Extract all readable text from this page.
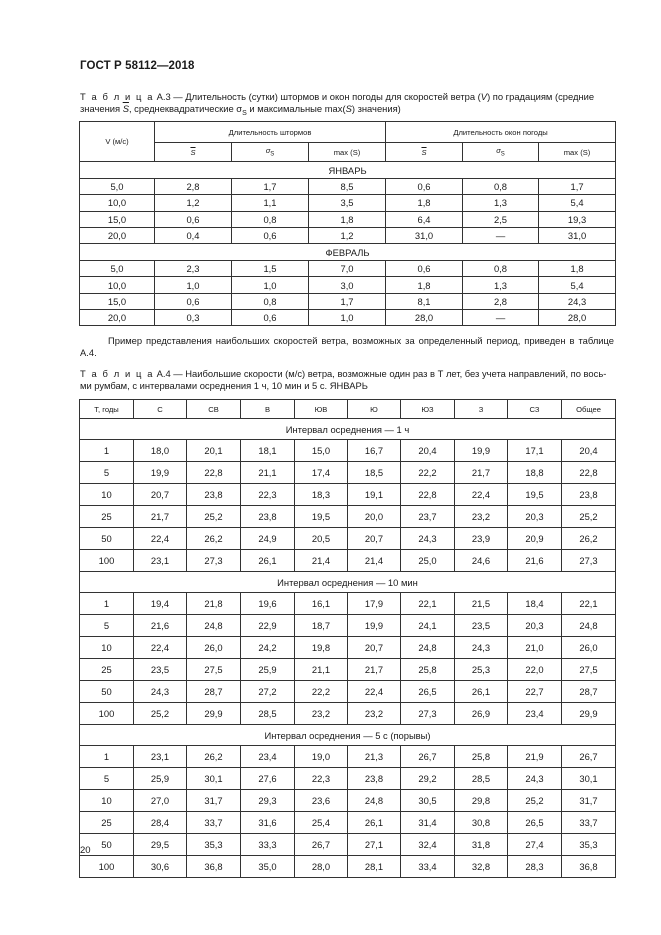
ГОСТ Р 58112—2018
Т а б л и ц а A.3 — Длительность (сутки) штормов и окон погоды для скоростей ветра (V) по градациям (средние
значения $\overline{S}$, среднеквадратические $\sigma_S$ и максимальные max(S) значения)
V (м/с)	Длительность штормов			Длительность окон погоды		
	$\overline{S}$	$\sigma_S$	max (S)	$\overline{S}$	$\sigma_S$	max (S)
ЯНВАРЬ						
5,0	2,8	1,7	8,5	0,6	0,8	1,7
10,0	1,2	1,1	3,5	1,8	1,3	5,4
15,0	0,6	0,8	1,8	6,4	2,5	19,3
20,0	0,4	0,6	1,2	31,0	—	31,0
ФЕВРАЛЬ						
5,0	2,3	1,5	7,0	0,6	0,8	1,8
10,0	1,0	1,0	3,0	1,8	1,3	5,4
15,0	0,6	0,8	1,7	8,1	2,8	24,3
20,0	0,3	0,6	1,0	28,0	—	28,0
Пример представления наибольших скоростей ветра, возможных за определенный период, приведен в таблице А.4.
Т а б л и ц а А.4 — Наибольшие скорости (м/с) ветра, возможные один раз в Т лет, без учета направлений, по вось-
ми румбам, с интервалами осреднения 1 ч, 10 мин и 5 с. ЯНВАРЬ
Т, годы	С	СВ	В	ЮВ	Ю	ЮЗ	З	СЗ	Общее
Интервал осреднения — 1 ч									
1	18,0	20,1	18,1	15,0	16,7	20,4	19,9	17,1	20,4
5	19,9	22,8	21,1	17,4	18,5	22,2	21,7	18,8	22,8
10	20,7	23,8	22,3	18,3	19,1	22,8	22,4	19,5	23,8
25	21,7	25,2	23,8	19,5	20,0	23,7	23,2	20,3	25,2
50	22,4	26,2	24,9	20,5	20,7	24,3	23,9	20,9	26,2
100	23,1	27,3	26,1	21,4	21,4	25,0	24,6	21,6	27,3
Интервал осреднения — 10 мин									
1	19,4	21,8	19,6	16,1	17,9	22,1	21,5	18,4	22,1
5	21,6	24,8	22,9	18,7	19,9	24,1	23,5	20,3	24,8
10	22,4	26,0	24,2	19,8	20,7	24,8	24,3	21,0	26,0
25	23,5	27,5	25,9	21,1	21,7	25,8	25,3	22,0	27,5
50	24,3	28,7	27,2	22,2	22,4	26,5	26,1	22,7	28,7
100	25,2	29,9	28,5	23,2	23,2	27,3	26,9	23,4	29,9
Интервал осреднения — 5 с (порывы)									
1	23,1	26,2	23,4	19,0	21,3	26,7	25,8	21,9	26,7
5	25,9	30,1	27,6	22,3	23,8	29,2	28,5	24,3	30,1
10	27,0	31,7	29,3	23,6	24,8	30,5	29,8	25,2	31,7
25	28,4	33,7	31,6	25,4	26,1	31,4	30,8	26,5	33,7
50	29,5	35,3	33,3	26,7	27,1	32,4	31,8	27,4	35,3
100	30,6	36,8	35,0	28,0	28,1	33,4	32,8	28,3	36,8
20
